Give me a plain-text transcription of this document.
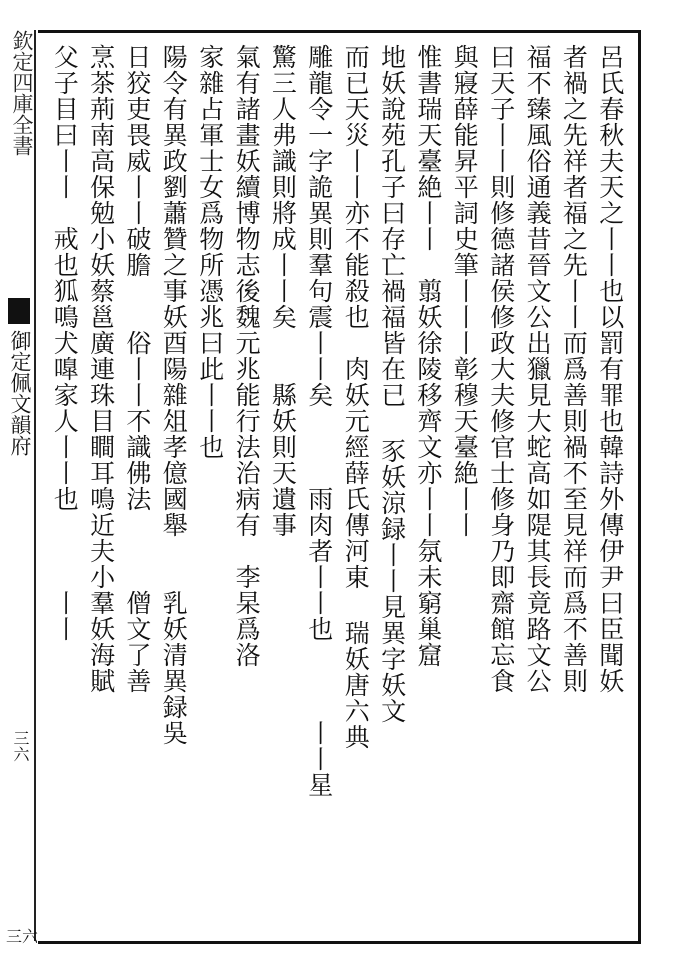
欽定四庫全書
御定佩文韻府
三六
三六
呂氏春秋夫天之丨丨也以罰有罪也韓詩外傳伊尹曰臣聞妖
者禍之先祥者福之先丨丨而爲善則禍不至見祥而爲不善則
福不臻風俗通義昔晉文公出獵見大蛇高如隄其長竟路文公
曰天子丨丨則修德諸侯修政大夫修官士修身乃即齋館忘食
與寢薛能昇平詞史筆丨丨丨彰穆天臺絶丨丨
惟書瑞天臺絶丨丨　翦妖徐陵移齊文亦丨丨氛未窮巢窟
地妖說苑孔子曰存亡禍福皆在已 豕妖涼録丨丨見異字妖文
而已天災丨丨亦不能殺也　肉妖元經薛氏傳河東 瑞妖唐六典
雕龍令一字詭異則羣句震丨丨矣　　　雨肉者丨丨也　　　丨丨星
驚三人弗識則將成丨丨矣　　縣妖則天遺事
氣有諸畫妖續博物志後魏元兆能行法治病有　李杲爲洛
家雜占軍士女爲物所憑兆曰此丨丨也
陽令有異政劉蕭贊之事妖酉陽雜俎孝億國舉　　乳妖清異録吳
日狡吏畏威丨丨破膽　　俗丨丨不識佛法　　　僧文了善
烹茶荊南高保勉小妖蔡邕廣連珠目瞷耳鳴近夫小羣妖海賦
父子目曰丨丨　戒也狐鳴犬嘷家人丨丨也　　　丨丨
